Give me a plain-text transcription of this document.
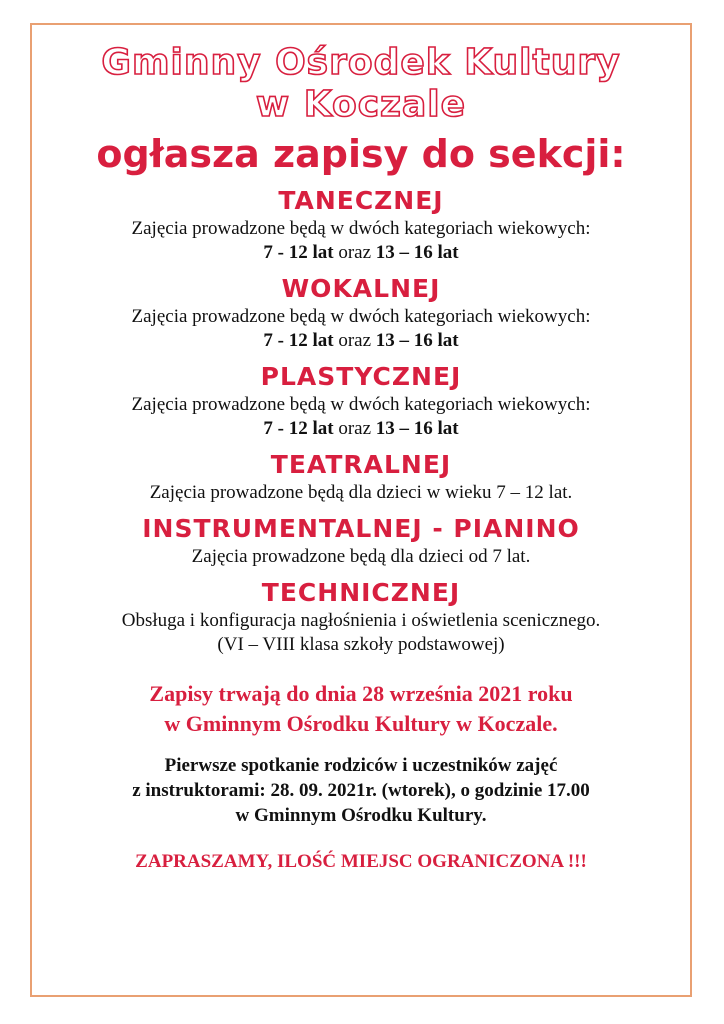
Gminny Ośrodek Kultury
w Koczale
ogłasza zapisy do sekcji:
TANECZNEJ
Zajęcia prowadzone będą w dwóch kategoriach wiekowych:
7 - 12 lat oraz 13 – 16 lat
WOKALNEJ
Zajęcia prowadzone będą w dwóch kategoriach wiekowych:
7 - 12 lat oraz 13 – 16 lat
PLASTYCZNEJ
Zajęcia prowadzone będą w dwóch kategoriach wiekowych:
7 - 12 lat oraz 13 – 16 lat
TEATRALNEJ
Zajęcia prowadzone będą dla dzieci w wieku 7 – 12 lat.
INSTRUMENTALNEJ - PIANINO
Zajęcia prowadzone będą dla dzieci od 7 lat.
TECHNICZNEJ
Obsługa i konfiguracja nagłośnienia i oświetlenia scenicznego.
(VI – VIII klasa szkoły podstawowej)
Zapisy trwają do dnia 28 września 2021 roku
w Gminnym Ośrodku Kultury w Koczale.
Pierwsze spotkanie rodziców i uczestników zajęć
z instruktorami: 28. 09. 2021r. (wtorek), o godzinie 17.00
w Gminnym Ośrodku Kultury.
ZAPRASZAMY, ILOŚĆ MIEJSC OGRANICZONA !!!
